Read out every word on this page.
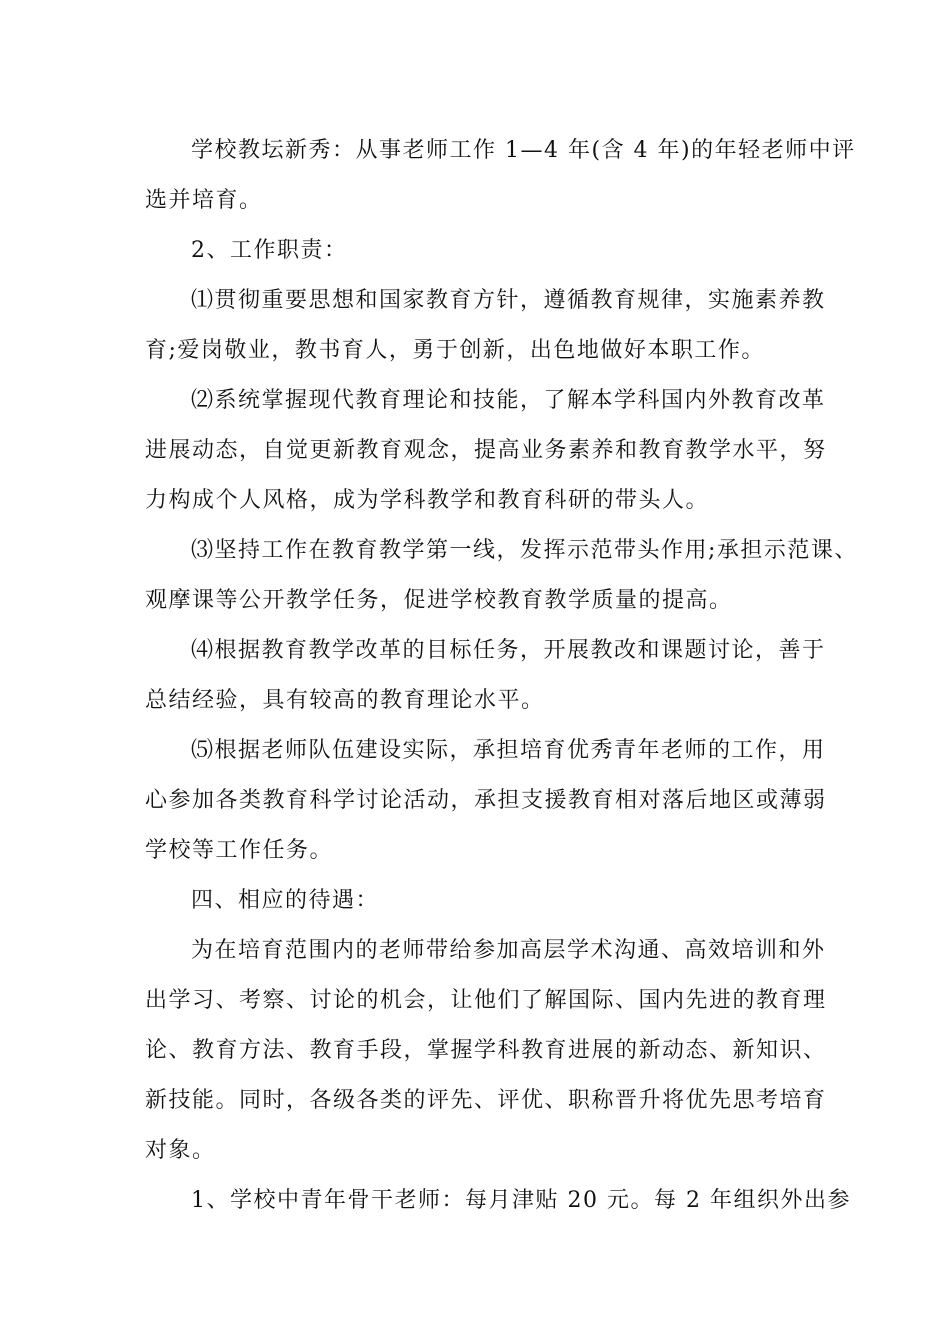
学校教坛新秀：从事老师工作 1—4 年(含 4 年)的年轻老师中评
选并培育。
2、工作职责：
⑴贯彻重要思想和国家教育方针，遵循教育规律，实施素养教
育;爱岗敬业，教书育人，勇于创新，出色地做好本职工作。
⑵系统掌握现代教育理论和技能，了解本学科国内外教育改革
进展动态，自觉更新教育观念，提高业务素养和教育教学水平，努
力构成个人风格，成为学科教学和教育科研的带头人。
⑶坚持工作在教育教学第一线，发挥示范带头作用;承担示范课、
观摩课等公开教学任务，促进学校教育教学质量的提高。
⑷根据教育教学改革的目标任务，开展教改和课题讨论，善于
总结经验，具有较高的教育理论水平。
⑸根据老师队伍建设实际，承担培育优秀青年老师的工作，用
心参加各类教育科学讨论活动，承担支援教育相对落后地区或薄弱
学校等工作任务。
四、相应的待遇：
为在培育范围内的老师带给参加高层学术沟通、高效培训和外
出学习、考察、讨论的机会，让他们了解国际、国内先进的教育理
论、教育方法、教育手段，掌握学科教育进展的新动态、新知识、
新技能。同时，各级各类的评先、评优、职称晋升将优先思考培育
对象。
1、学校中青年骨干老师：每月津贴 20 元。每 2 年组织外出参
